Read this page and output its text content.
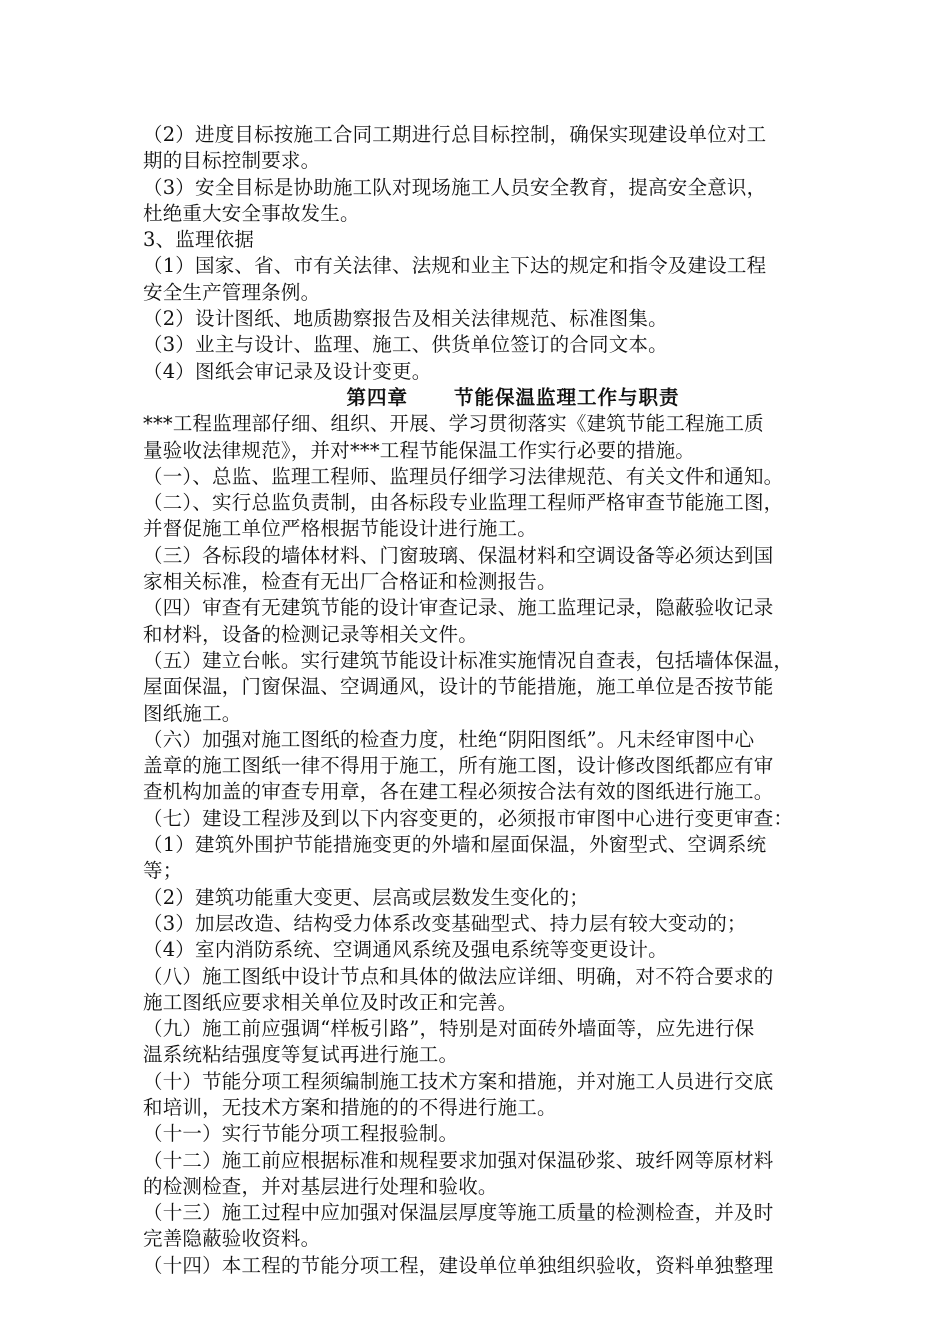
（2）进度目标按施工合同工期进行总目标控制，确保实现建设单位对工
期的目标控制要求。
（3）安全目标是协助施工队对现场施工人员安全教育，提高安全意识，
杜绝重大安全事故发生。
3、监理依据
（1）国家、省、市有关法律、法规和业主下达的规定和指令及建设工程
安全生产管理条例。
（2）设计图纸、地质勘察报告及相关法律规范、标准图集。
（3）业主与设计、监理、施工、供货单位签订的合同文本。
（4）图纸会审记录及设计变更。
第四章 节能保温监理工作与职责
***工程监理部仔细、组织、开展、学习贯彻落实《建筑节能工程施工质
量验收法律规范》，并对***工程节能保温工作实行必要的措施。
（一）、总监、监理工程师、监理员仔细学习法律规范、有关文件和通知。
（二）、实行总监负责制，由各标段专业监理工程师严格审查节能施工图，
并督促施工单位严格根据节能设计进行施工。
（三）各标段的墙体材料、门窗玻璃、保温材料和空调设备等必须达到国
家相关标准，检查有无出厂合格证和检测报告。
（四）审查有无建筑节能的设计审查记录、施工监理记录，隐蔽验收记录
和材料，设备的检测记录等相关文件。
（五）建立台帐。实行建筑节能设计标准实施情况自查表，包括墙体保温，
屋面保温，门窗保温、空调通风，设计的节能措施，施工单位是否按节能
图纸施工。
（六）加强对施工图纸的检查力度，杜绝“阴阳图纸”。凡未经审图中心
盖章的施工图纸一律不得用于施工，所有施工图，设计修改图纸都应有审
查机构加盖的审查专用章，各在建工程必须按合法有效的图纸进行施工。
（七）建设工程涉及到以下内容变更的，必须报市审图中心进行变更审查：
（1）建筑外围护节能措施变更的外墙和屋面保温，外窗型式、空调系统
等；
（2）建筑功能重大变更、层高或层数发生变化的；
（3）加层改造、结构受力体系改变基础型式、持力层有较大变动的；
（4）室内消防系统、空调通风系统及强电系统等变更设计。
（八）施工图纸中设计节点和具体的做法应详细、明确，对不符合要求的
施工图纸应要求相关单位及时改正和完善。
（九）施工前应强调“样板引路”，特别是对面砖外墙面等，应先进行保
温系统粘结强度等复试再进行施工。
（十）节能分项工程须编制施工技术方案和措施，并对施工人员进行交底
和培训，无技术方案和措施的的不得进行施工。
（十一）实行节能分项工程报验制。
（十二）施工前应根据标准和规程要求加强对保温砂浆、玻纤网等原材料
的检测检查，并对基层进行处理和验收。
（十三）施工过程中应加强对保温层厚度等施工质量的检测检查，并及时
完善隐蔽验收资料。
（十四）本工程的节能分项工程，建设单位单独组织验收，资料单独整理
